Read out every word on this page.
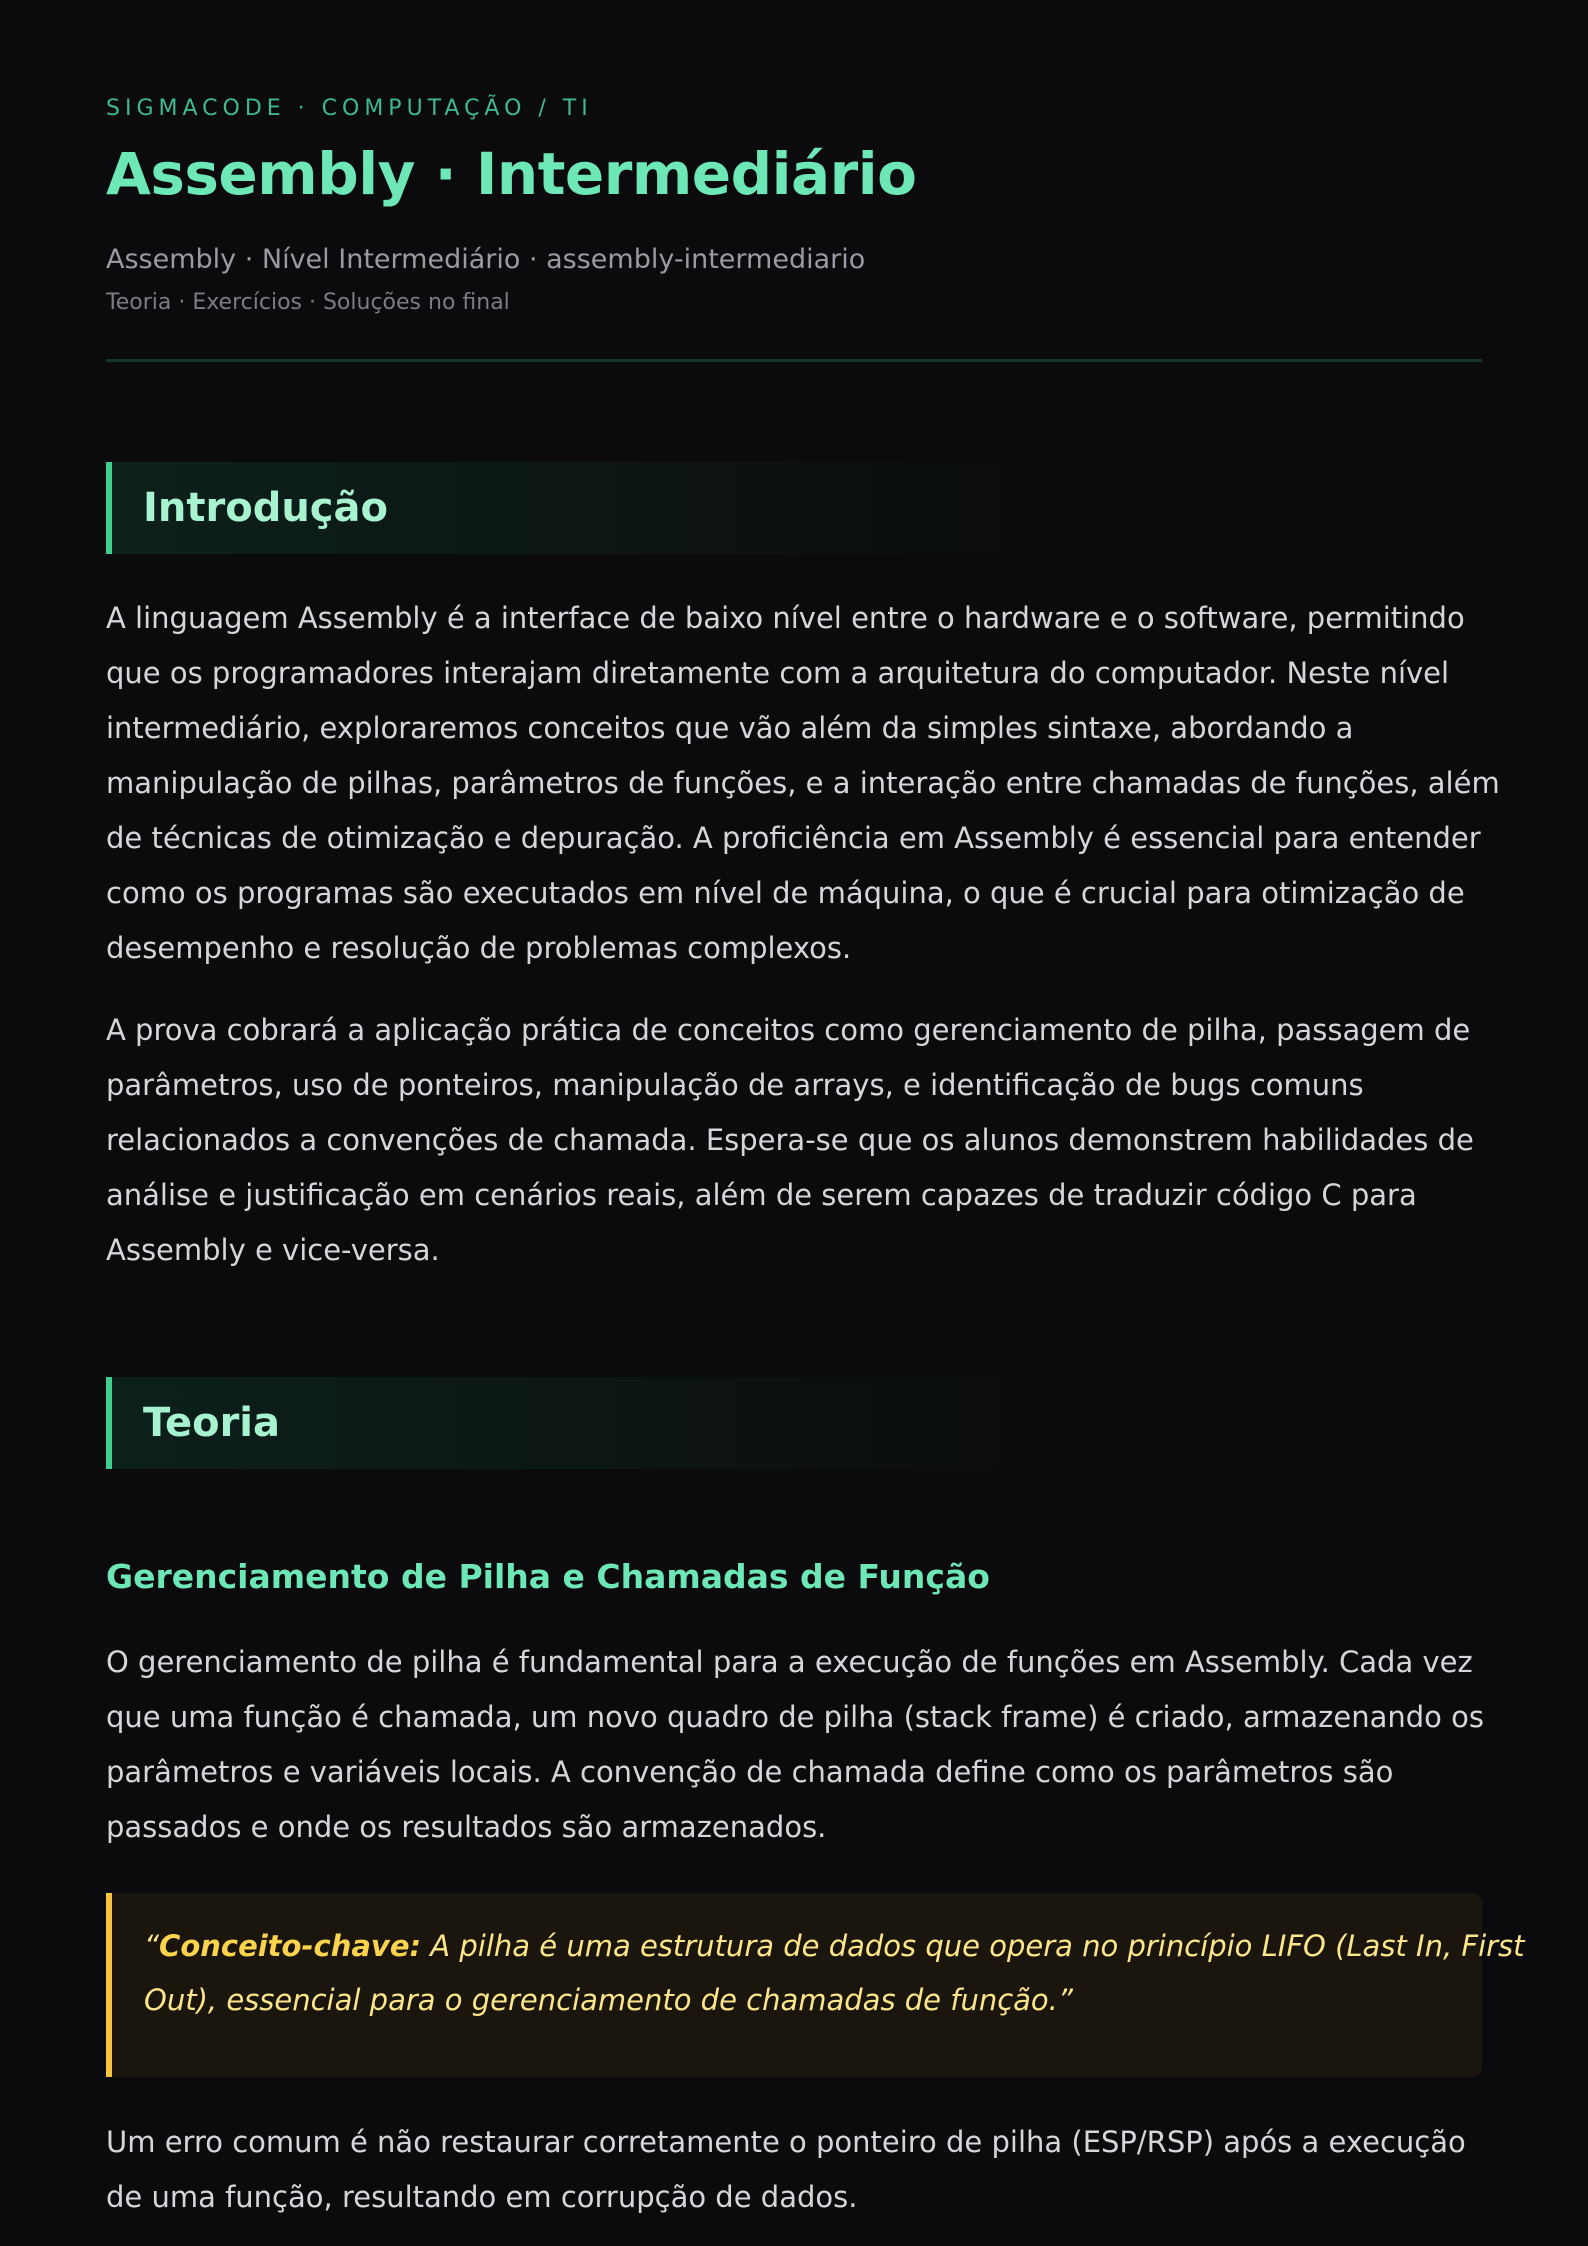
SIGMACODE · COMPUTAÇÃO / TI
Assembly · Intermediário
Assembly · Nível Intermediário · assembly-intermediario
Teoria · Exercícios · Soluções no final
Introdução

A linguagem Assembly é a interface de baixo nível entre o hardware e o software, permitindo
que os programadores interajam diretamente com a arquitetura do computador. Neste nível
intermediário, exploraremos conceitos que vão além da simples sintaxe, abordando a
manipulação de pilhas, parâmetros de funções, e a interação entre chamadas de funções, além
de técnicas de otimização e depuração. A proficiência em Assembly é essencial para entender
como os programas são executados em nível de máquina, o que é crucial para otimização de
desempenho e resolução de problemas complexos.

A prova cobrará a aplicação prática de conceitos como gerenciamento de pilha, passagem de
parâmetros, uso de ponteiros, manipulação de arrays, e identificação de bugs comuns
relacionados a convenções de chamada. Espera-se que os alunos demonstrem habilidades de
análise e justificação em cenários reais, além de serem capazes de traduzir código C para
Assembly e vice-versa.

Teoria
Gerenciamento de Pilha e Chamadas de Função

O gerenciamento de pilha é fundamental para a execução de funções em Assembly. Cada vez
que uma função é chamada, um novo quadro de pilha (stack frame) é criado, armazenando os
parâmetros e variáveis locais. A convenção de chamada define como os parâmetros são
passados e onde os resultados são armazenados.

“Conceito-chave: A pilha é uma estrutura de dados que opera no princípio LIFO (Last In, First
Out), essencial para o gerenciamento de chamadas de função.”

Um erro comum é não restaurar corretamente o ponteiro de pilha (ESP/RSP) após a execução
de uma função, resultando em corrupção de dados.
